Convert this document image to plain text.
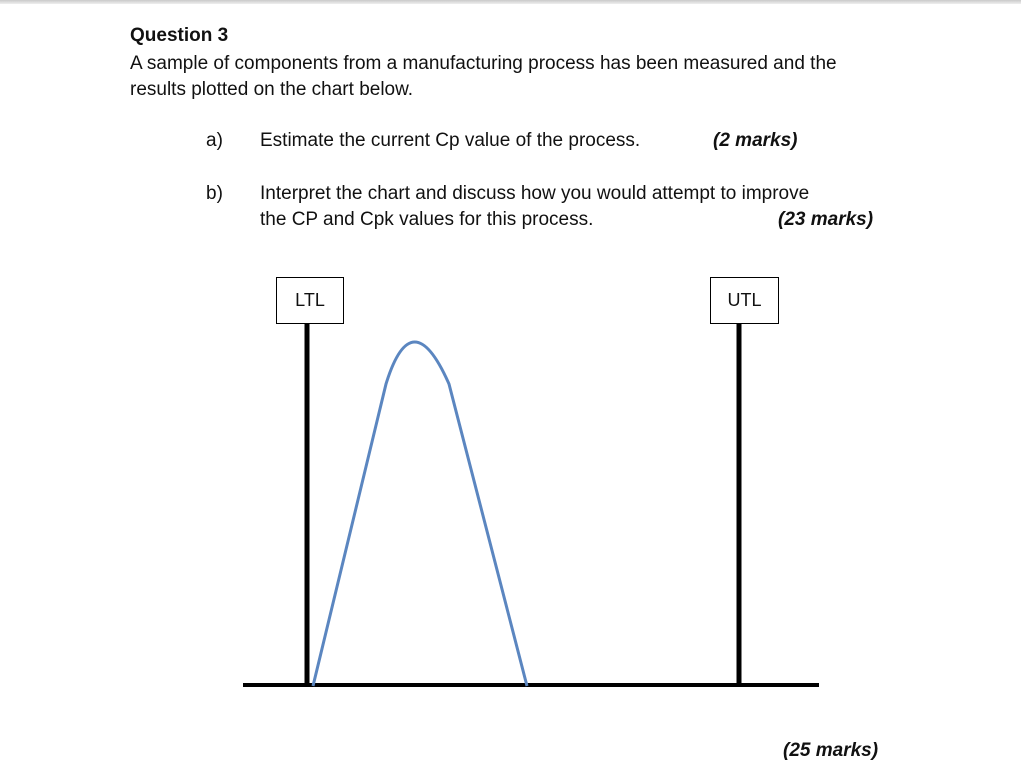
Question 3
A sample of components from a manufacturing process has been measured and the
results plotted on the chart below.
a) Estimate the current Cp value of the process.	(2 marks)
b) Interpret the chart and discuss how you would attempt to improve
the CP and Cpk values for this process.	(23 marks)
LTL	UTL
(25 marks)
